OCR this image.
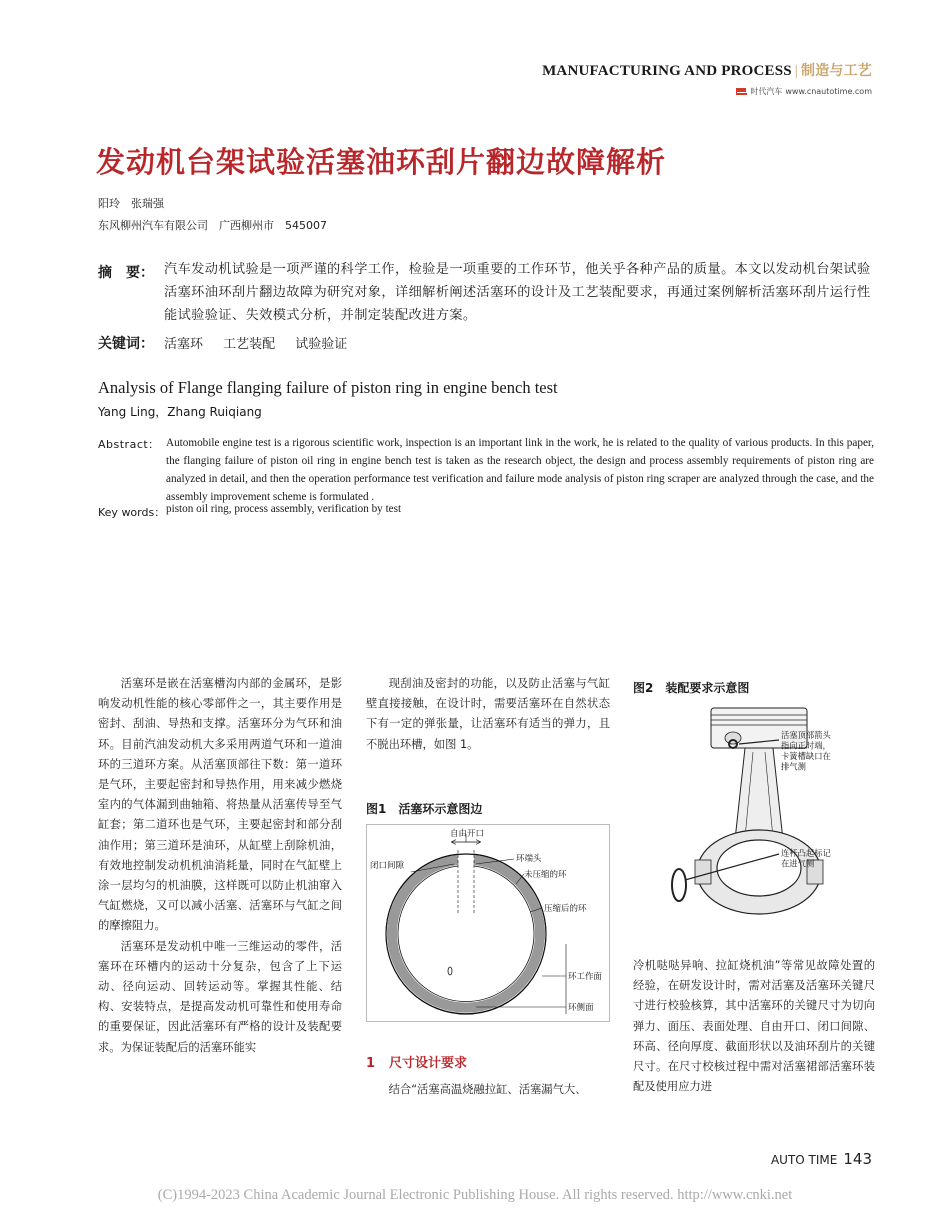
MANUFACTURING AND PROCESS | 制造与工艺
时代汽车 www.cnautotime.com
发动机台架试验活塞油环刮片翻边故障解析
阳玲　张瑞强
东风柳州汽车有限公司　广西柳州市　545007
摘　要： 汽车发动机试验是一项严谨的科学工作，检验是一项重要的工作环节，他关乎各种产品的质量。本文以发动机台架试验活塞环油环刮片翻边故障为研究对象，详细解析阐述活塞环的设计及工艺装配要求，再通过案例解析活塞环刮片运行性能试验验证、失效模式分析，并制定装配改进方案。
关键词： 活塞环 工艺装配 试验验证
Analysis of Flange flanging failure of piston ring in engine bench test
Yang Ling，Zhang Ruiqiang
Abstract： Automobile engine test is a rigorous scientific work, inspection is an important link in the work, he is related to the quality of various products. In this paper, the flanging failure of piston oil ring in engine bench test is taken as the research object, the design and process assembly requirements of piston ring are analyzed in detail, and then the operation performance test verification and failure mode analysis of piston ring scraper are analyzed through the case, and the assembly improvement scheme is formulated .
Key words： piston oil ring, process assembly, verification by test

活塞环是嵌在活塞槽沟内部的金属环，是影响发动机性能的核心零部件之一，其主要作用是密封、刮油、导热和支撑。活塞环分为气环和油环。目前汽油发动机大多采用两道气环和一道油环的三道环方案。从活塞顶部往下数：第一道环是气环，主要起密封和导热作用，用来减少燃烧室内的气体漏到曲轴箱、将热量从活塞传导至气缸套；第二道环也是气环，主要起密封和部分刮油作用；第三道环是油环，从缸壁上刮除机油，有效地控制发动机机油消耗量，同时在气缸壁上涂一层均匀的机油膜，这样既可以防止机油窜入气缸燃烧，又可以减小活塞、活塞环与气缸之间的摩擦阻力。

活塞环是发动机中唯一三维运动的零件，活塞环在环槽内的运动十分复杂，包含了上下运动、径向运动、回转运动等。掌握其性能、结构、安装特点，是提高发动机可靠性和使用寿命的重要保证，因此活塞环有严格的设计及装配要求。为保证装配后的活塞环能实

现刮油及密封的功能，以及防止活塞与气缸壁直接接触，在设计时，需要活塞环在自然状态下有一定的弹张量，让活塞环有适当的弹力，且不脱出环槽，如图 1。

图1 活塞环示意图边
自由开口
闭口间隙
环端头
未压缩的环
压缩后的环
环工作面
环侧面
1 尺寸设计要求

结合“活塞高温烧融拉缸、活塞漏气大、

图2 装配要求示意图
活塞顶部箭头 指向正时端， 卡簧槽缺口在 排气测
连杆凸起标记 在进气侧

冷机哒哒异响、拉缸烧机油”等常见故障处置的经验，在研发设计时，需对活塞及活塞环关键尺寸进行校验核算，其中活塞环的关键尺寸为切向弹力、面压、表面处理、自由开口、闭口间隙、环高、径向厚度、截面形状以及油环刮片的关键尺寸。在尺寸校核过程中需对活塞裙部活塞环装配及使用应力进

AUTO TIME 143
(C)1994-2023 China Academic Journal Electronic Publishing House. All rights reserved. http://www.cnki.net
